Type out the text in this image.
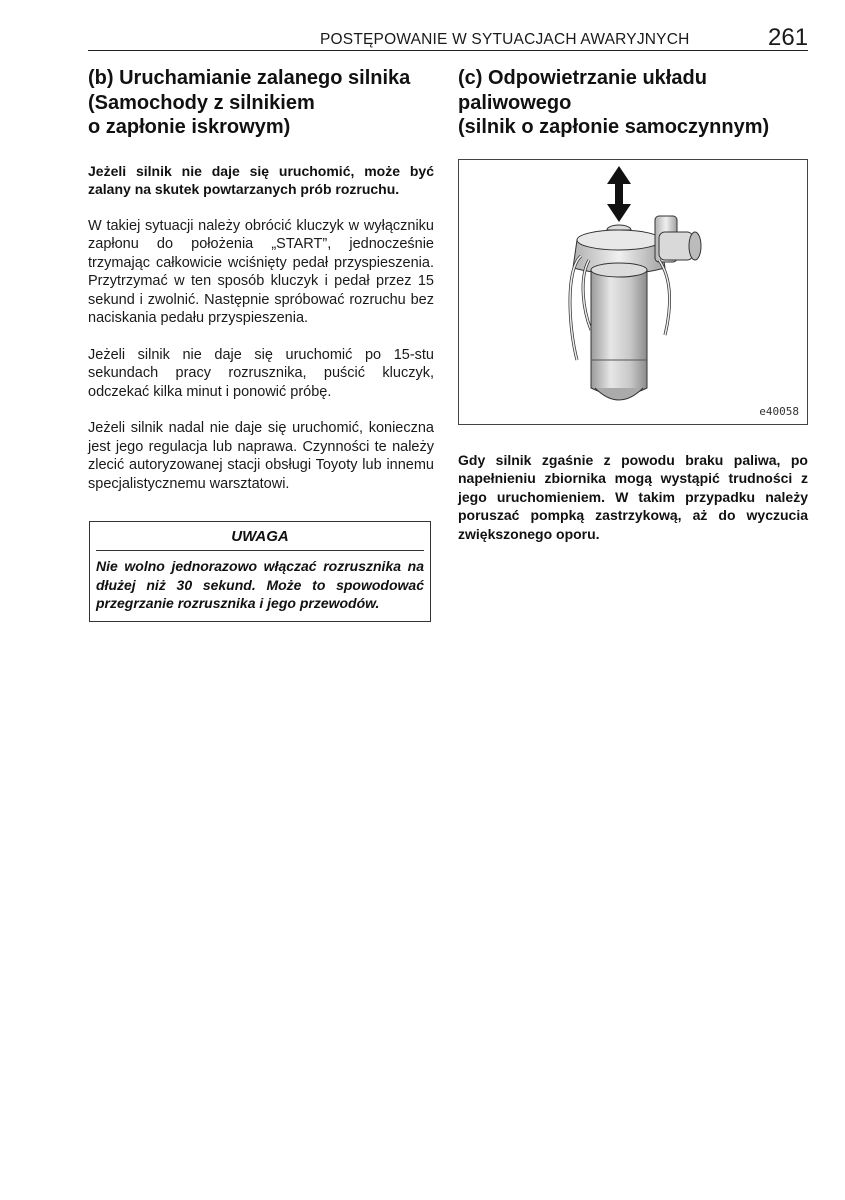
POSTĘPOWANIE W SYTUACJACH AWARYJNYCH	261
(b) Uruchamianie zalanego silnika
(Samochody z silnikiem
o zapłonie iskrowym)

Jeżeli silnik nie daje się uruchomić, może być zalany na skutek powtarzanych prób rozruchu.

W takiej sytuacji należy obrócić kluczyk w wyłączniku zapłonu do położenia „START”, jednocześnie trzymając całkowicie wciśnięty pedał przyspieszenia. Przytrzymać w ten sposób kluczyk i pedał przez 15 sekund i zwolnić. Następnie spróbować rozruchu bez naciskania pedału przyspieszenia.

Jeżeli silnik nie daje się uruchomić po 15-stu sekundach pracy rozrusznika, puścić kluczyk, odczekać kilka minut i ponowić próbę.

Jeżeli silnik nadal nie daje się uruchomić, konieczna jest jego regulacja lub naprawa. Czynności te należy zlecić autoryzowanej stacji obsługi Toyoty lub innemu specjalistycznemu warsztatowi.

UWAGA

Nie wolno jednorazowo włączać rozrusznika na dłużej niż 30 sekund. Może to spowodować przegrzanie rozrusznika i jego przewodów.

(c) Odpowietrzanie układu
paliwowego
(silnik o zapłonie samoczynnym)
e40058

Gdy silnik zgaśnie z powodu braku paliwa, po napełnieniu zbiornika mogą wystąpić trudności z jego uruchomieniem. W takim przypadku należy poruszać pompką zastrzykową, aż do wyczucia zwiększonego oporu.
